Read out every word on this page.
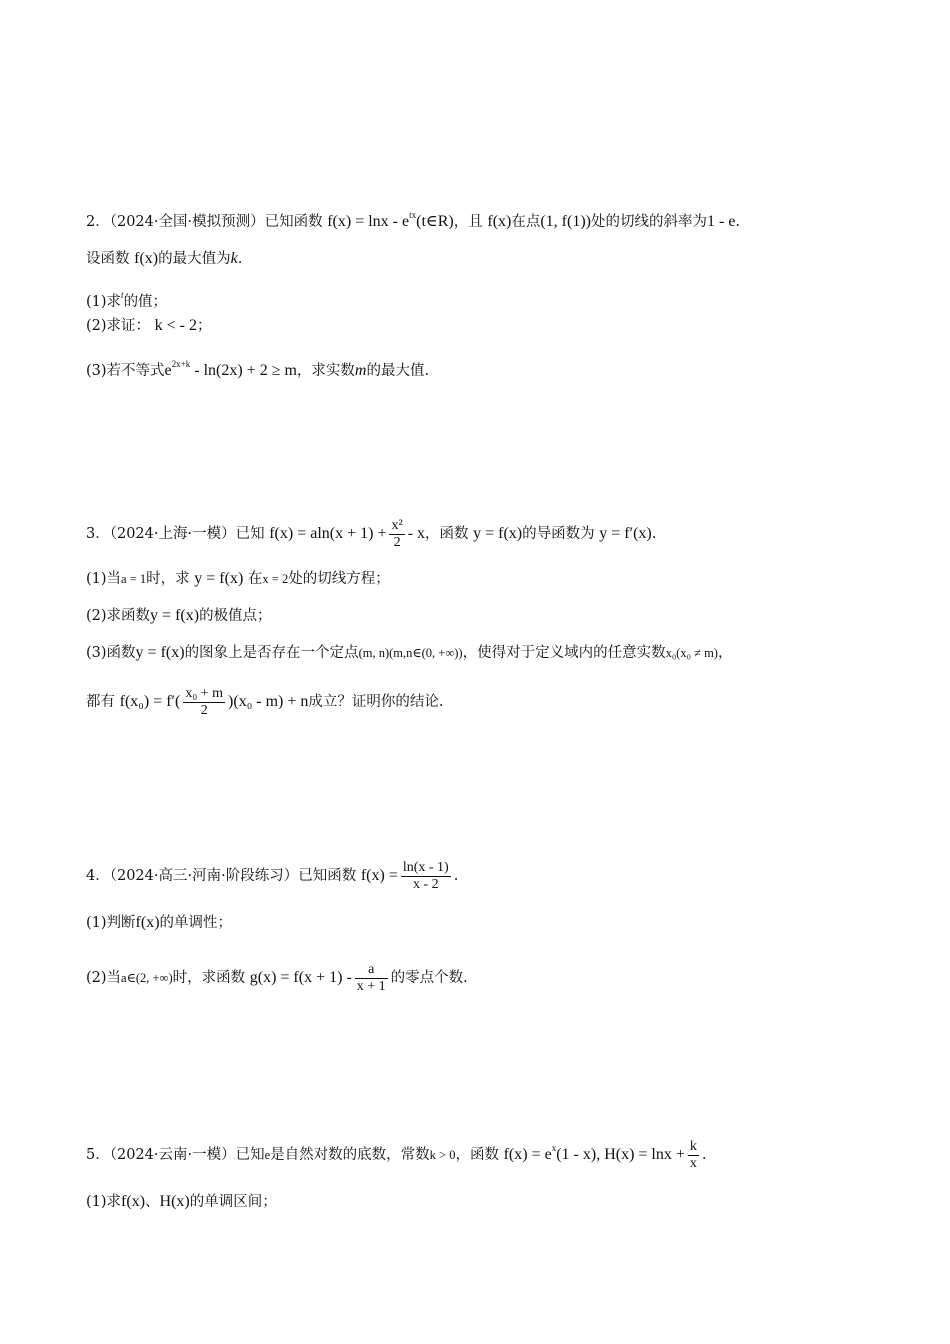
2．（2024·全国·模拟预测）已知函数 $f(x) = \ln x - e^{tx}(t\in R)$，且 f(x)在点(1, f(1))处的切线的斜率为1 - e.
设函数 f(x)的最大值为k.
(1)求$^t$的值；
(2)求证： k < - 2；
(3)若不等式$e^{2x+k} - \ln(2x) + 2 \ge m$，求实数m的最大值.
3．（2024·上海·一模）已知 $f(x) = aln(x + 1) + \frac{\text{x²}}{2} - x$，函数 y = f(x)的导函数为 y = f′(x).
(1)当a = 1时，求 y = f(x) 在x = 2处的切线方程；
(2)求函数y = f(x)的极值点；
(3)函数y = f(x)的图象上是否存在一个定点(m, n)(m,n∈(0, +∞))，使得对于定义域内的任意实数x₀(x₀ ≠ m)，
都有 $f(x_0) = f'( \frac{\text{x₀ + m}}{2} )(x_0 - m) + n$成立？证明你的结论.
4．（2024·高三·河南·阶段练习）已知函数 $f(x) = \frac{\ln(x - 1)}{x - 2}$ .
(1)判断f(x)的单调性；
(2)当a∈(2, +∞)时，求函数 $g(x) = f(x + 1) - \frac{a}{x + 1}$ 的零点个数.
5．（2024·云南·一模）已知e是自然对数的底数，常数k > 0，函数 $f(x) = e^x(1 - x)$, $H(x) = \ln x + \frac{k}{x}$ .
(1)求f(x)、H(x)的单调区间；
